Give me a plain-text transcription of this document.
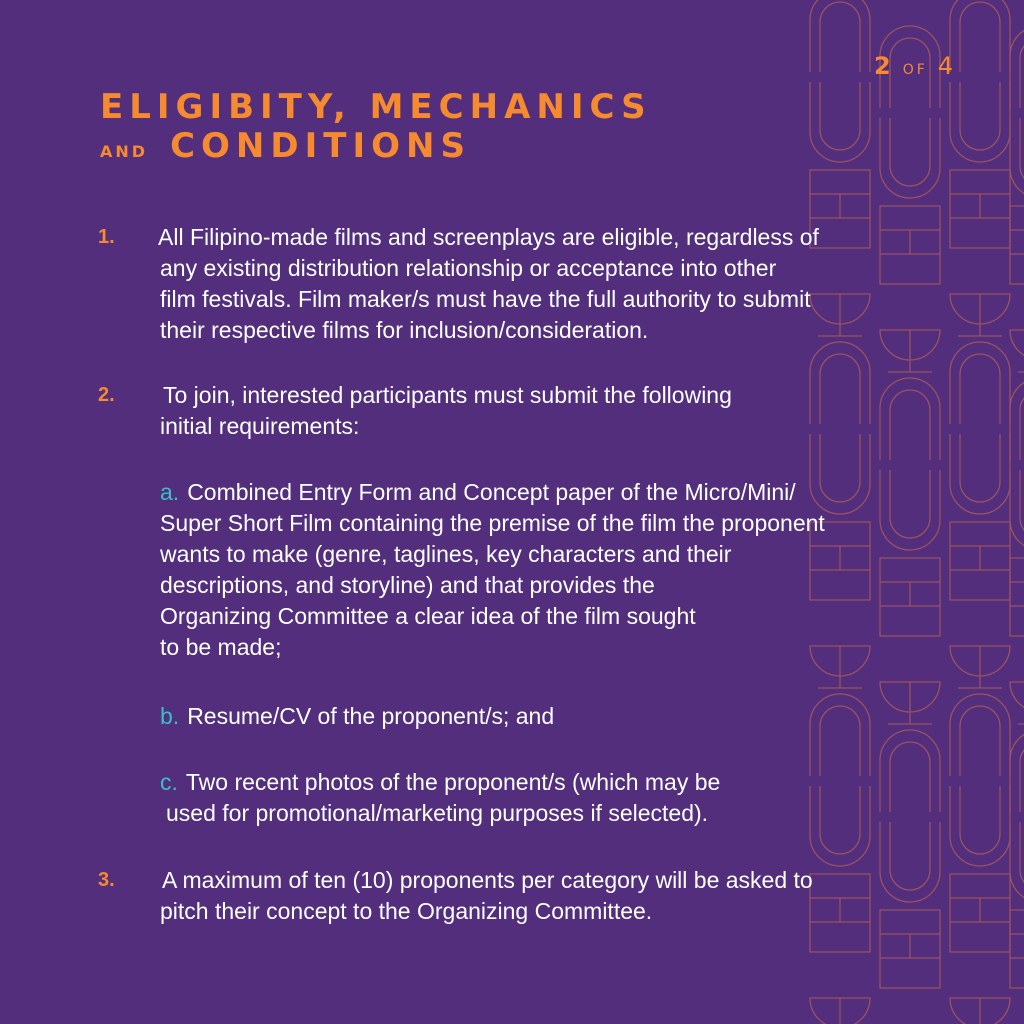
2 OF 4
ELIGIBITY, MECHANICS
AND CONDITIONS
1. All Filipino-made films and screenplays are eligible, regardless of
any existing distribution relationship or acceptance into other
film festivals. Film maker/s must have the full authority to submit
their respective films for inclusion/consideration.
2. To join, interested participants must submit the following
initial requirements:
a. Combined Entry Form and Concept paper of the Micro/Mini/
Super Short Film containing the premise of the film the proponent
wants to make (genre, taglines, key characters and their
descriptions, and storyline) and that provides the
Organizing Committee a clear idea of the film sought
to be made;
b. Resume/CV of the proponent/s; and
c. Two recent photos of the proponent/s (which may be
used for promotional/marketing purposes if selected).
3. A maximum of ten (10) proponents per category will be asked to
pitch their concept to the Organizing Committee.
